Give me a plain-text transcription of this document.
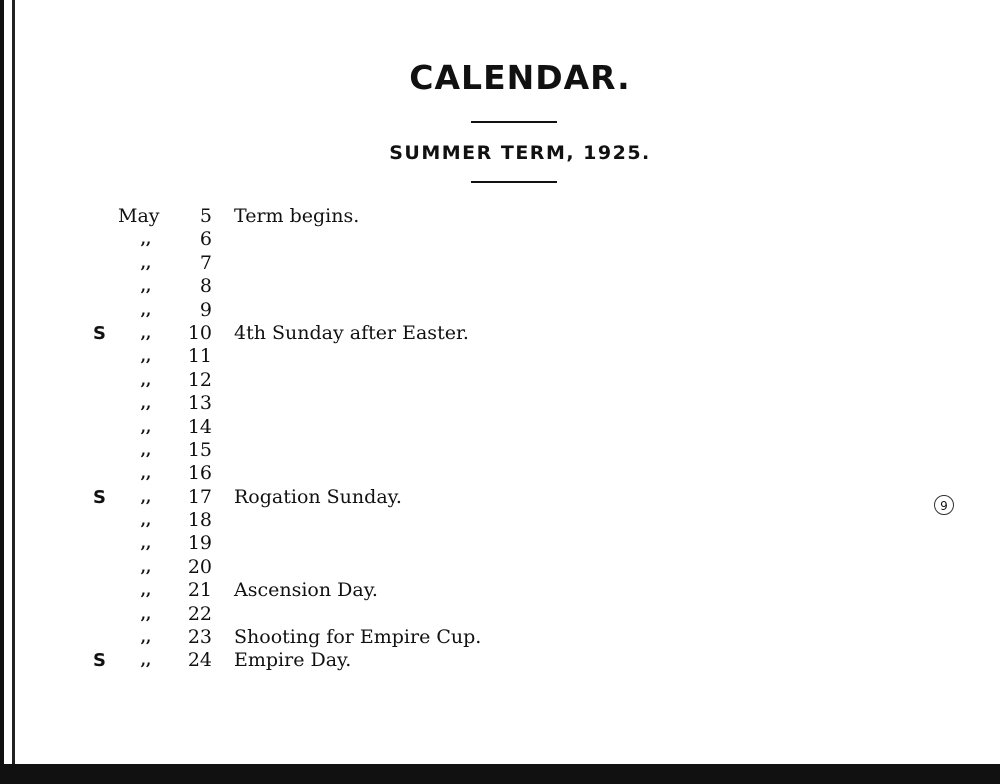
CALENDAR.
SUMMER TERM, 1925.
May	5 Term begins.
,,	6
,,	7
,,	8
,,	9
S ,,	10 4th Sunday after Easter.
,,	11
,,	12
,,	13
,,	14
,,	15
,,	16
S ,,	17 Rogation Sunday.
,,	18
,,	19
,,	20
,,	21 Ascension Day.
,,	22
,,	23 Shooting for Empire Cup.
S ,,	24 Empire Day.
9
